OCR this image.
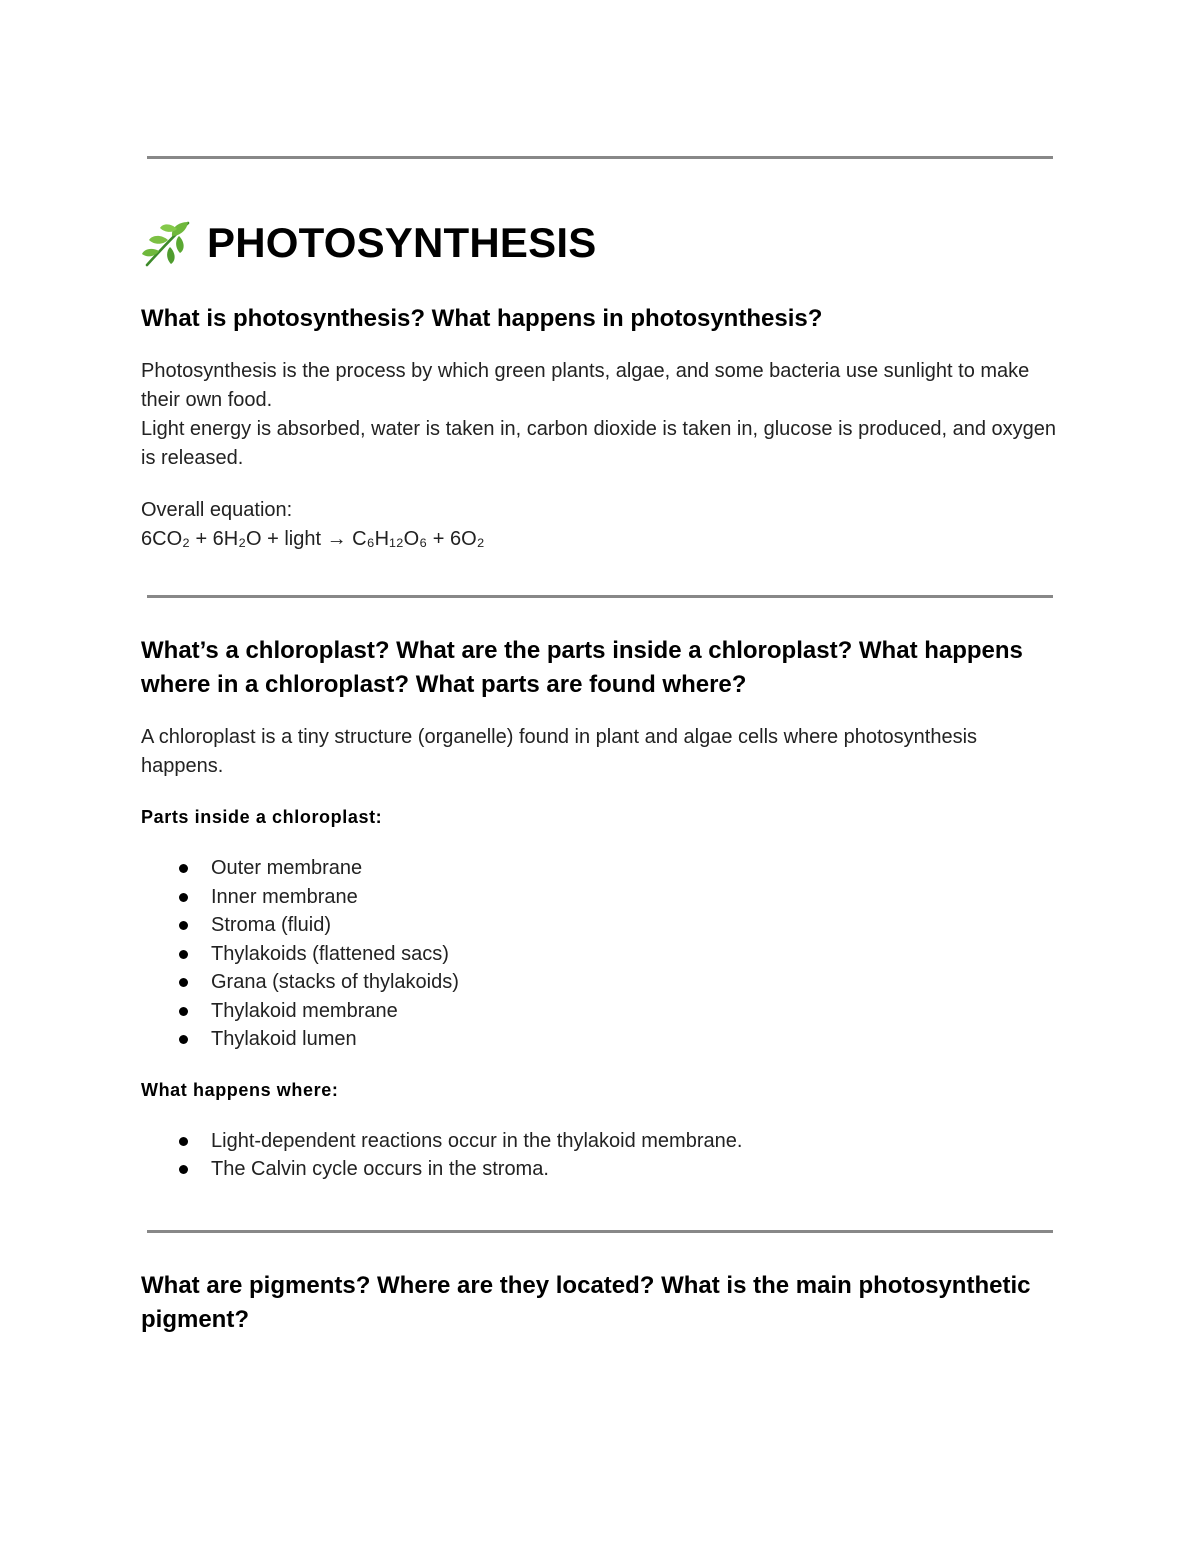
PHOTOSYNTHESIS
What is photosynthesis? What happens in photosynthesis?

Photosynthesis is the process by which green plants, algae, and some bacteria use sunlight to make their own food.

Light energy is absorbed, water is taken in, carbon dioxide is taken in, glucose is produced, and oxygen is released.

Overall equation:

6CO₂ + 6H₂O + light → C₆H₁₂O₆ + 6O₂

What’s a chloroplast? What are the parts inside a chloroplast? What happens where in a chloroplast? What parts are found where?

A chloroplast is a tiny structure (organelle) found in plant and algae cells where photosynthesis happens.

Parts inside a chloroplast:

Outer membrane
Inner membrane
Stroma (fluid)
Thylakoids (flattened sacs)
Grana (stacks of thylakoids)
Thylakoid membrane
Thylakoid lumen

What happens where:

Light-dependent reactions occur in the thylakoid membrane.
The Calvin cycle occurs in the stroma.
What are pigments? Where are they located? What is the main photosynthetic pigment?
